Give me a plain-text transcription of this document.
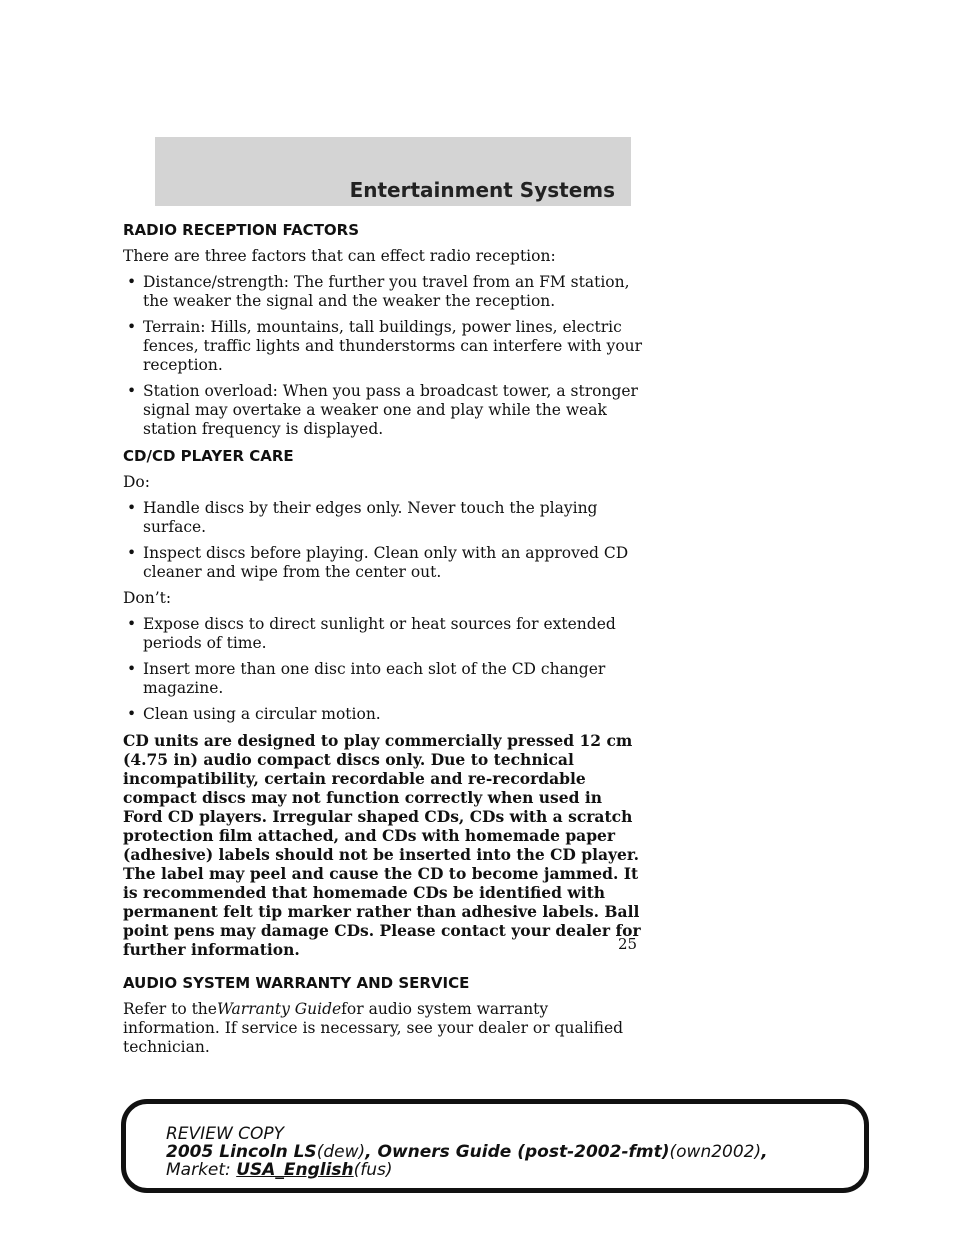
Entertainment Systems
RADIO RECEPTION FACTORS

There are three factors that can effect radio reception:

• Distance/strength: The further you travel from an FM station, the weaker the signal and the weaker the reception.
• Terrain: Hills, mountains, tall buildings, power lines, electric fences, traffic lights and thunderstorms can interfere with your reception.
• Station overload: When you pass a broadcast tower, a stronger signal may overtake a weaker one and play while the weak station frequency is displayed.
CD/CD PLAYER CARE

Do:

• Handle discs by their edges only. Never touch the playing surface.
• Inspect discs before playing. Clean only with an approved CD cleaner and wipe from the center out.

Don’t:

• Expose discs to direct sunlight or heat sources for extended periods of time.
• Insert more than one disc into each slot of the CD changer magazine.
• Clean using a circular motion.

CD units are designed to play commercially pressed 12 cm (4.75 in) audio compact discs only. Due to technical incompatibility, certain recordable and re-recordable compact discs may not function correctly when used in Ford CD players. Irregular shaped CDs, CDs with a scratch protection film attached, and CDs with homemade paper (adhesive) labels should not be inserted into the CD player. The label may peel and cause the CD to become jammed. It is recommended that homemade CDs be identified with permanent felt tip marker rather than adhesive labels. Ball point pens may damage CDs. Please contact your dealer for further information.

AUDIO SYSTEM WARRANTY AND SERVICE

Refer to theWarranty Guidefor audio system warranty information. If service is necessary, see your dealer or qualified technician.

25
REVIEW COPY
2005 Lincoln LS(dew), Owners Guide (post-2002-fmt)(own2002),
Market: USA_English(fus)
